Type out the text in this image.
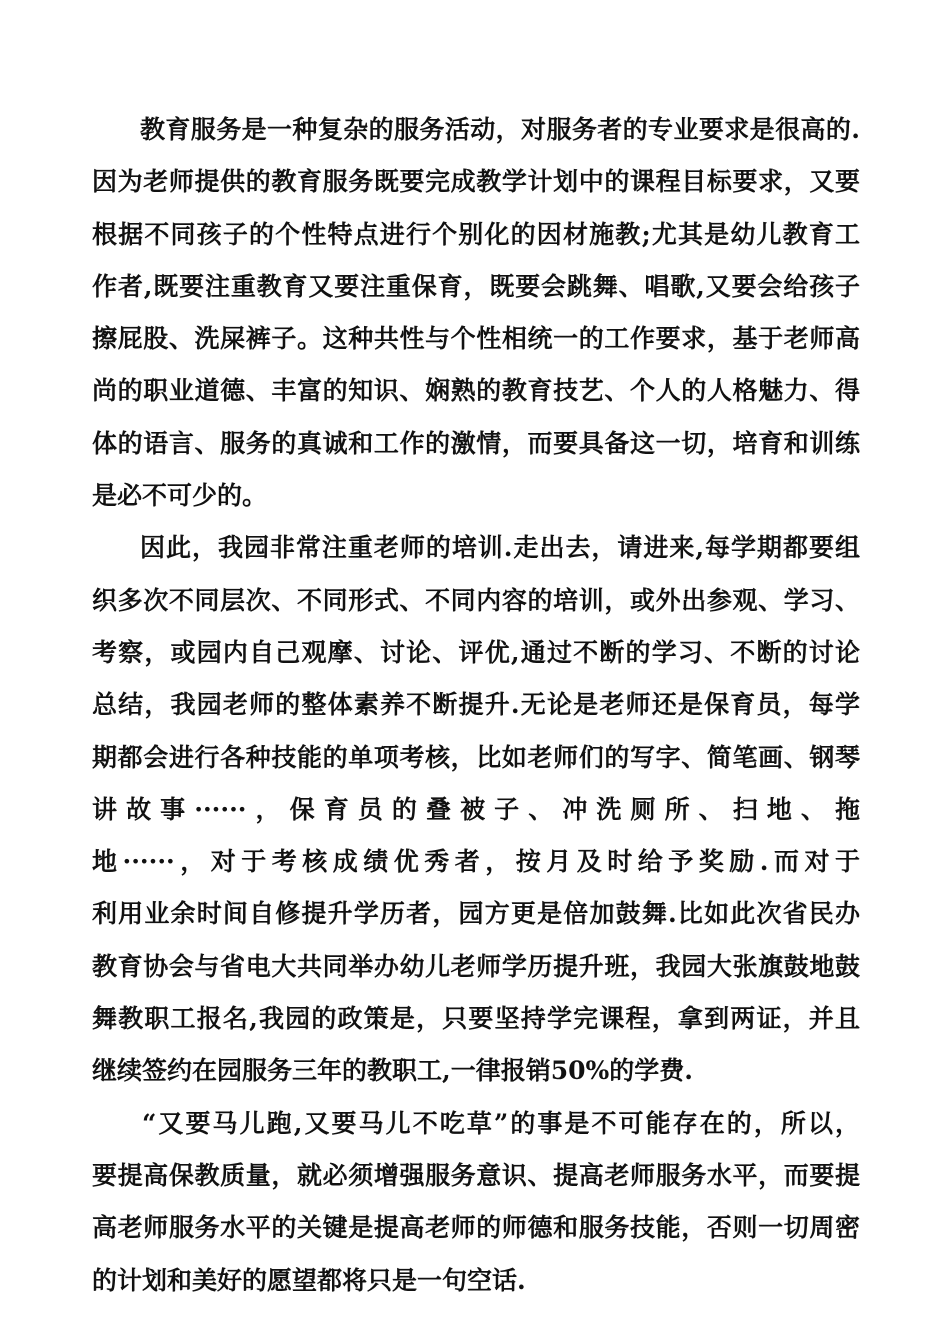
教育服务是一种复杂的服务活动，对服务者的专业要求是很高的.
因为老师提供的教育服务既要完成教学计划中的课程目标要求，又要
根据不同孩子的个性特点进行个别化的因材施教;尤其是幼儿教育工
作者,既要注重教育又要注重保育，既要会跳舞、唱歌,又要会给孩子
擦屁股、洗屎裤子。这种共性与个性相统一的工作要求，基于老师高
尚的职业道德、丰富的知识、娴熟的教育技艺、个人的人格魅力、得
体的语言、服务的真诚和工作的激情，而要具备这一切，培育和训练
是必不可少的。
因此，我园非常注重老师的培训.走出去，请进来,每学期都要组
织多次不同层次、不同形式、不同内容的培训，或外出参观、学习、
考察，或园内自己观摩、讨论、评优,通过不断的学习、不断的讨论
总结，我园老师的整体素养不断提升.无论是老师还是保育员，每学
期都会进行各种技能的单项考核，比如老师们的写字、简笔画、钢琴
讲故事······，保育员的叠被子、冲洗厕所、扫地、拖
地······，对于考核成绩优秀者，按月及时给予奖励.而对于
利用业余时间自修提升学历者，园方更是倍加鼓舞.比如此次省民办
教育协会与省电大共同举办幼儿老师学历提升班，我园大张旗鼓地鼓
舞教职工报名,我园的政策是，只要坚持学完课程，拿到两证，并且
继续签约在园服务三年的教职工,一律报销50%的学费.
“又要马儿跑,又要马儿不吃草”的事是不可能存在的，所以，
要提高保教质量，就必须增强服务意识、提高老师服务水平，而要提
高老师服务水平的关键是提高老师的师德和服务技能，否则一切周密
的计划和美好的愿望都将只是一句空话.
